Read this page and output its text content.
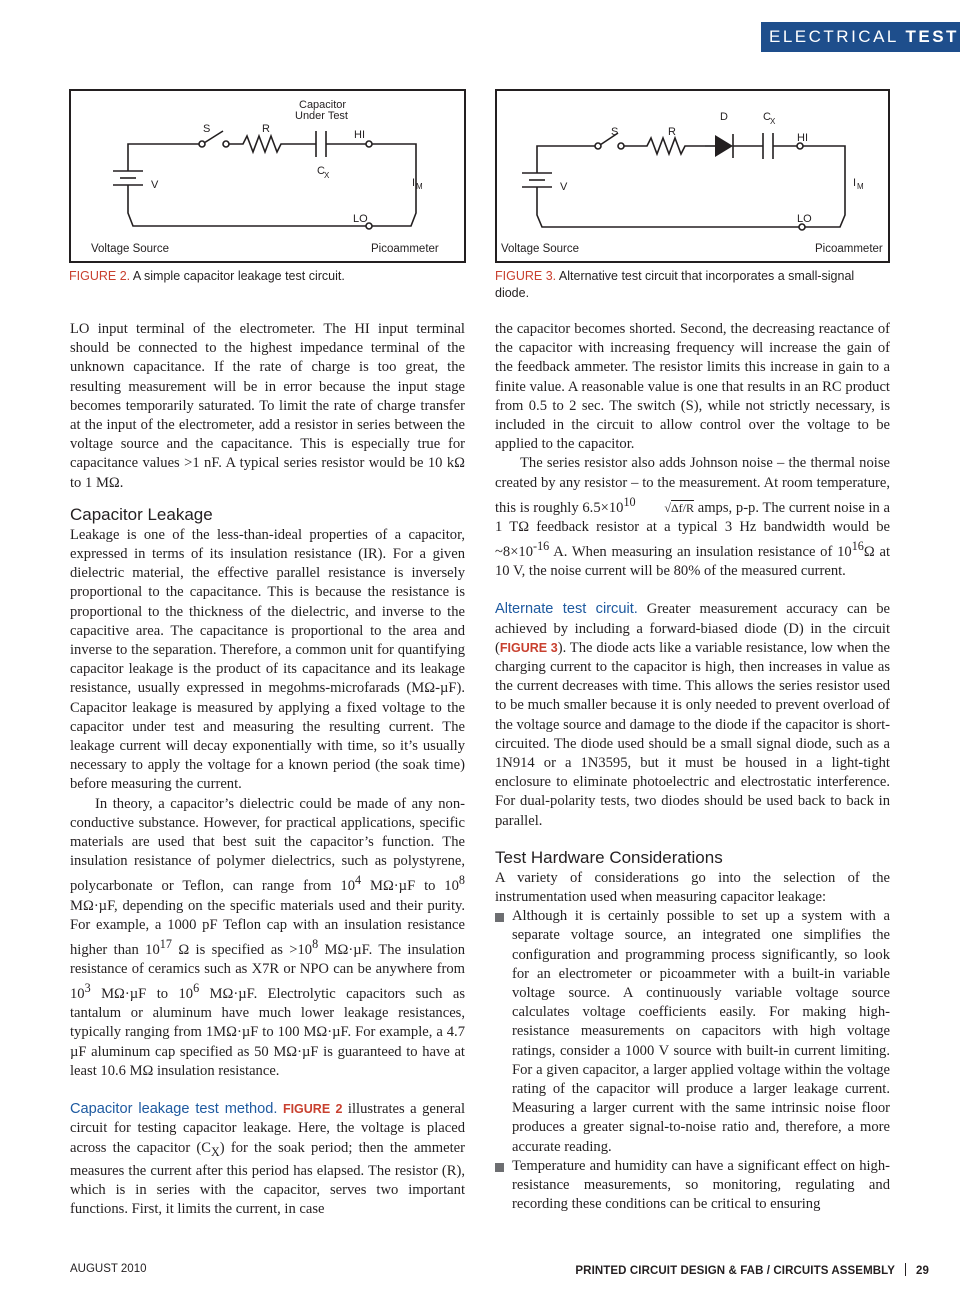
ELECTRICAL TEST
Capacitor
Under Test
S	R	HI
C X
V	I M
LO
Voltage Source	Picoammeter
FIGURE 2. A simple capacitor leakage test circuit.
S	R
D	C X
HI
V	I M
LO
Voltage Source	Picoammeter
FIGURE 3. Alternative test circuit that incorporates a small-signal diode.

LO input terminal of the electrometer. The HI input terminal should be connected to the highest impedance terminal of the unknown capacitance. If the rate of charge is too great, the resulting measurement will be in error because the input stage becomes temporarily saturated. To limit the rate of charge transfer at the input of the electrometer, add a resistor in series between the voltage source and the capacitance. This is especially true for capacitance values >1 nF. A typical series resistor would be 10 kΩ to 1 MΩ.

Capacitor Leakage

Leakage is one of the less-than-ideal properties of a capacitor, expressed in terms of its insulation resistance (IR). For a given dielectric material, the effective parallel resistance is inversely proportional to the capacitance. This is because the resistance is proportional to the thickness of the dielectric, and inverse to the capacitive area. The capacitance is proportional to the area and inverse to the separation. Therefore, a common unit for quantifying capacitor leakage is the product of its capacitance and its leakage resistance, usually expressed in megohms-microfarads (MΩ-µF). Capacitor leakage is measured by applying a fixed voltage to the capacitor under test and measuring the resulting current. The leakage current will decay exponentially with time, so it’s usually necessary to apply the voltage for a known period (the soak time) before measuring the current.

In theory, a capacitor’s dielectric could be made of any non-conductive substance. However, for practical applications, specific materials are used that best suit the capacitor’s function. The insulation resistance of polymer dielectrics, such as polystyrene, polycarbonate or Teflon, can range from $10^4$ MΩ·µF to $10^8$ MΩ·µF, depending on the specific materials used and their purity. For example, a 1000 pF Teflon cap with an insulation resistance higher than $10^{17}$ Ω is specified as $>10^8$ MΩ·µF. The insulation resistance of ceramics such as X7R or NPO can be anywhere from $10^3$ MΩ·µF to $10^6$ MΩ·µF. Electrolytic capacitors such as tantalum or aluminum have much lower leakage resistances, typically ranging from 1MΩ·µF to 100 MΩ·µF. For example, a 4.7 µF aluminum cap specified as 50 MΩ·µF is guaranteed to have at least 10.6 MΩ insulation resistance.

Capacitor leakage test method. FIGURE 2 illustrates a general circuit for testing capacitor leakage. Here, the voltage is placed across the capacitor $(C_X)$ for the soak period; then the ammeter measures the current after this period has elapsed. The resistor (R), which is in series with the capacitor, serves two important functions. First, it limits the current, in case

the capacitor becomes shorted. Second, the decreasing reactance of the capacitor with increasing frequency will increase the gain of the feedback ammeter. The resistor limits this increase in gain to a finite value. A reasonable value is one that results in an RC product from 0.5 to 2 sec. The switch (S), while not strictly necessary, is included in the circuit to allow control over the voltage to be applied to the capacitor.

The series resistor also adds Johnson noise – the thermal noise created by any resistor – to the measurement. At room temperature, this is roughly $6.5\times 10^{10}$ √Δf/R amps, p-p. The current noise in a 1 TΩ feedback resistor at a typical 3 Hz bandwidth would be $\sim 8\times 10^{-16}$ A. When measuring an insulation resistance of $10^{16}\Omega$ at 10 V, the noise current will be 80% of the measured current.

Alternate test circuit. Greater measurement accuracy can be achieved by including a forward-biased diode (D) in the circuit (FIGURE 3). The diode acts like a variable resistance, low when the charging current to the capacitor is high, then increases in value as the current decreases with time. This allows the series resistor used to be much smaller because it is only needed to prevent overload of the voltage source and damage to the diode if the capacitor is short-circuited. The diode used should be a small signal diode, such as a 1N914 or a 1N3595, but it must be housed in a light-tight enclosure to eliminate photoelectric and electrostatic interference. For dual-polarity tests, two diodes should be used back to back in parallel.

Test Hardware Considerations

A variety of considerations go into the selection of the instrumentation used when measuring capacitor leakage:

Although it is certainly possible to set up a system with a separate voltage source, an integrated one simplifies the configuration and programming process significantly, so look for an electrometer or picoammeter with a built-in variable voltage source. A continuously variable voltage source calculates voltage coefficients easily. For making high-resistance measurements on capacitors with high voltage ratings, consider a 1000 V source with built-in current limiting. For a given capacitor, a larger applied voltage within the voltage rating of the capacitor will produce a larger leakage current. Measuring a larger current with the same intrinsic noise floor produces a greater signal-to-noise ratio and, therefore, a more accurate reading.
Temperature and humidity can have a significant effect on high-resistance measurements, so monitoring, regulating and recording these conditions can be critical to ensuring
AUGUST 2010	PRINTED CIRCUIT DESIGN & FAB / CIRCUITS ASSEMBLY 29
